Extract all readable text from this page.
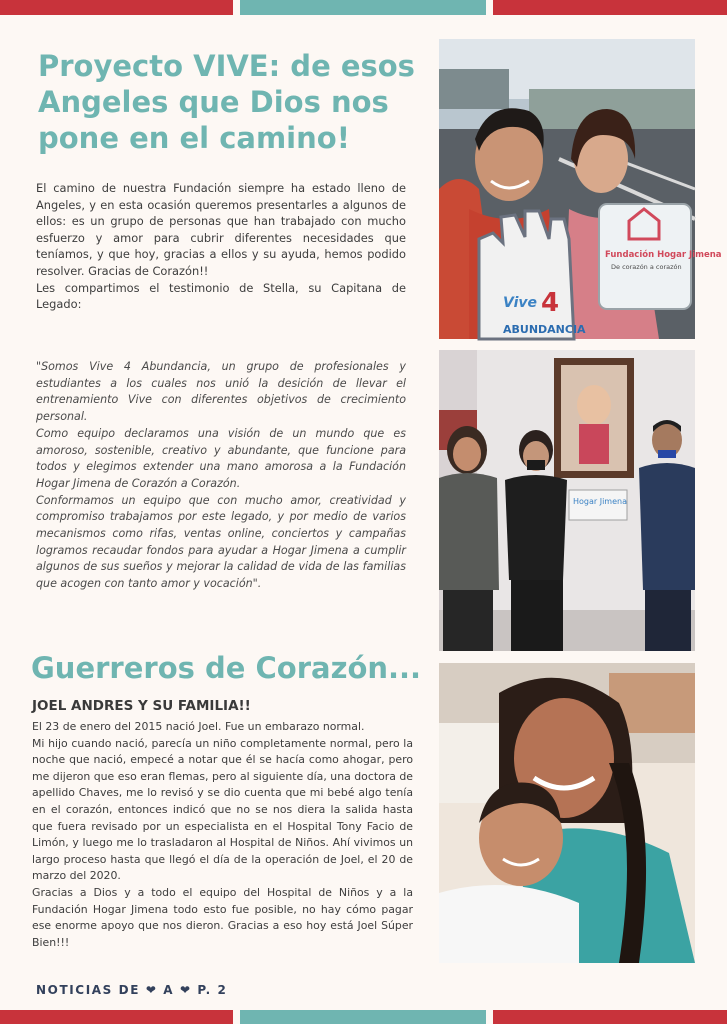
Proyecto VIVE: de esos Angeles que Dios nos pone en el camino!

El camino de nuestra Fundación siempre ha estado lleno de Angeles, y en esta ocasión queremos presentarles a algunos de ellos: es un grupo de personas que han trabajado con mucho esfuerzo y amor para cubrir diferentes necesidades que teníamos, y que hoy, gracias a ellos y su ayuda, hemos podido resolver. Gracias de Corazón!!

Les compartimos el testimonio de Stella, su Capitana de Legado:

"Somos Vive 4 Abundancia, un grupo de profesionales y estudiantes a los cuales nos unió la desición de llevar el entrenamiento Vive con diferentes objetivos de crecimiento personal.

Como equipo declaramos una visión de un mundo que es amoroso, sostenible, creativo y abundante, que funcione para todos y elegimos extender una mano amorosa a la Fundación Hogar Jimena de Corazón a Corazón.

Conformamos un equipo que con mucho amor, creatividad y compromiso trabajamos por este legado, y por medio de varios mecanismos como rifas, ventas online, conciertos y campañas logramos recaudar fondos para ayudar a Hogar Jimena a cumplir algunos de sus sueños y mejorar la calidad de vida de las familias que acogen con tanto amor y vocación".

Guerreros de Corazón...
JOEL ANDRES Y SU FAMILIA!!

El 23 de enero del 2015 nació Joel. Fue un embarazo normal.

Mi hijo cuando nació, parecía un niño completamente normal, pero la noche que nació, empecé a notar que él se hacía como ahogar, pero me dijeron que eso eran flemas, pero al siguiente día, una doctora de apellido Chaves, me lo revisó y se dio cuenta que mi bebé algo tenía en el corazón, entonces indicó que no se nos diera la salida hasta que fuera revisado por un especialista en el Hospital Tony Facio de Limón, y luego me lo trasladaron al Hospital de Niños. Ahí vivimos un largo proceso hasta que llegó el día de la operación de Joel, el 20 de marzo del 2020.

Gracias a Dios y a todo el equipo del Hospital de Niños y a la Fundación Hogar Jimena todo esto fue posible, no hay cómo pagar ese enorme apoyo que nos dieron. Gracias a eso hoy está Joel Súper Bien!!!

NOTICIAS DE ❤ A ❤ P. 2
Vive 4
ABUNDANCIA
Fundación Hogar Jimena
De corazón a corazón
Hogar Jimena
